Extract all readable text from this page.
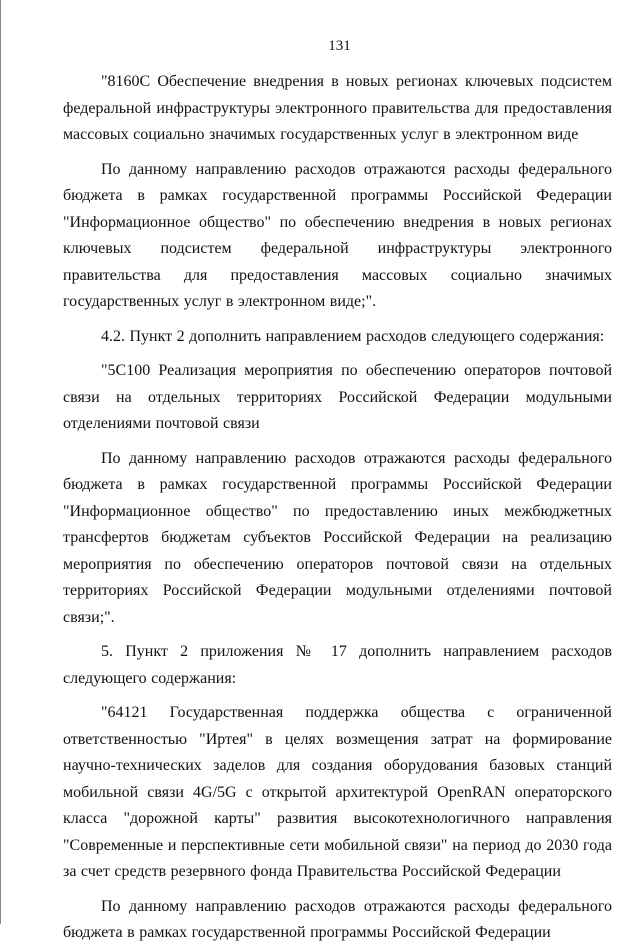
131

"8160С Обеспечение внедрения в новых регионах ключевых подсистем федеральной инфраструктуры электронного правительства для предоставления массовых социально значимых государственных услуг в электронном виде

По данному направлению расходов отражаются расходы федерального бюджета в рамках государственной программы Российской Федерации "Информационное общество" по обеспечению внедрения в новых регионах ключевых подсистем федеральной инфраструктуры электронного правительства для предоставления массовых социально значимых государственных услуг в электронном виде;".

4.2. Пункт 2 дополнить направлением расходов следующего содержания:

"5С100 Реализация мероприятия по обеспечению операторов почтовой связи на отдельных территориях Российской Федерации модульными отделениями почтовой связи

По данному направлению расходов отражаются расходы федерального бюджета в рамках государственной программы Российской Федерации "Информационное общество" по предоставлению иных межбюджетных трансфертов бюджетам субъектов Российской Федерации на реализацию мероприятия по обеспечению операторов почтовой связи на отдельных территориях Российской Федерации модульными отделениями почтовой связи;".

5. Пункт 2 приложения № 17 дополнить направлением расходов следующего содержания:

"64121 Государственная поддержка общества с ограниченной ответственностью "Иртея" в целях возмещения затрат на формирование научно-технических заделов для создания оборудования базовых станций мобильной связи 4G/5G с открытой архитектурой OpenRAN операторского класса "дорожной карты" развития высокотехнологичного направления "Современные и перспективные сети мобильной связи" на период до 2030 года за счет средств резервного фонда Правительства Российской Федерации

По данному направлению расходов отражаются расходы федерального бюджета в рамках государственной программы Российской Федерации
